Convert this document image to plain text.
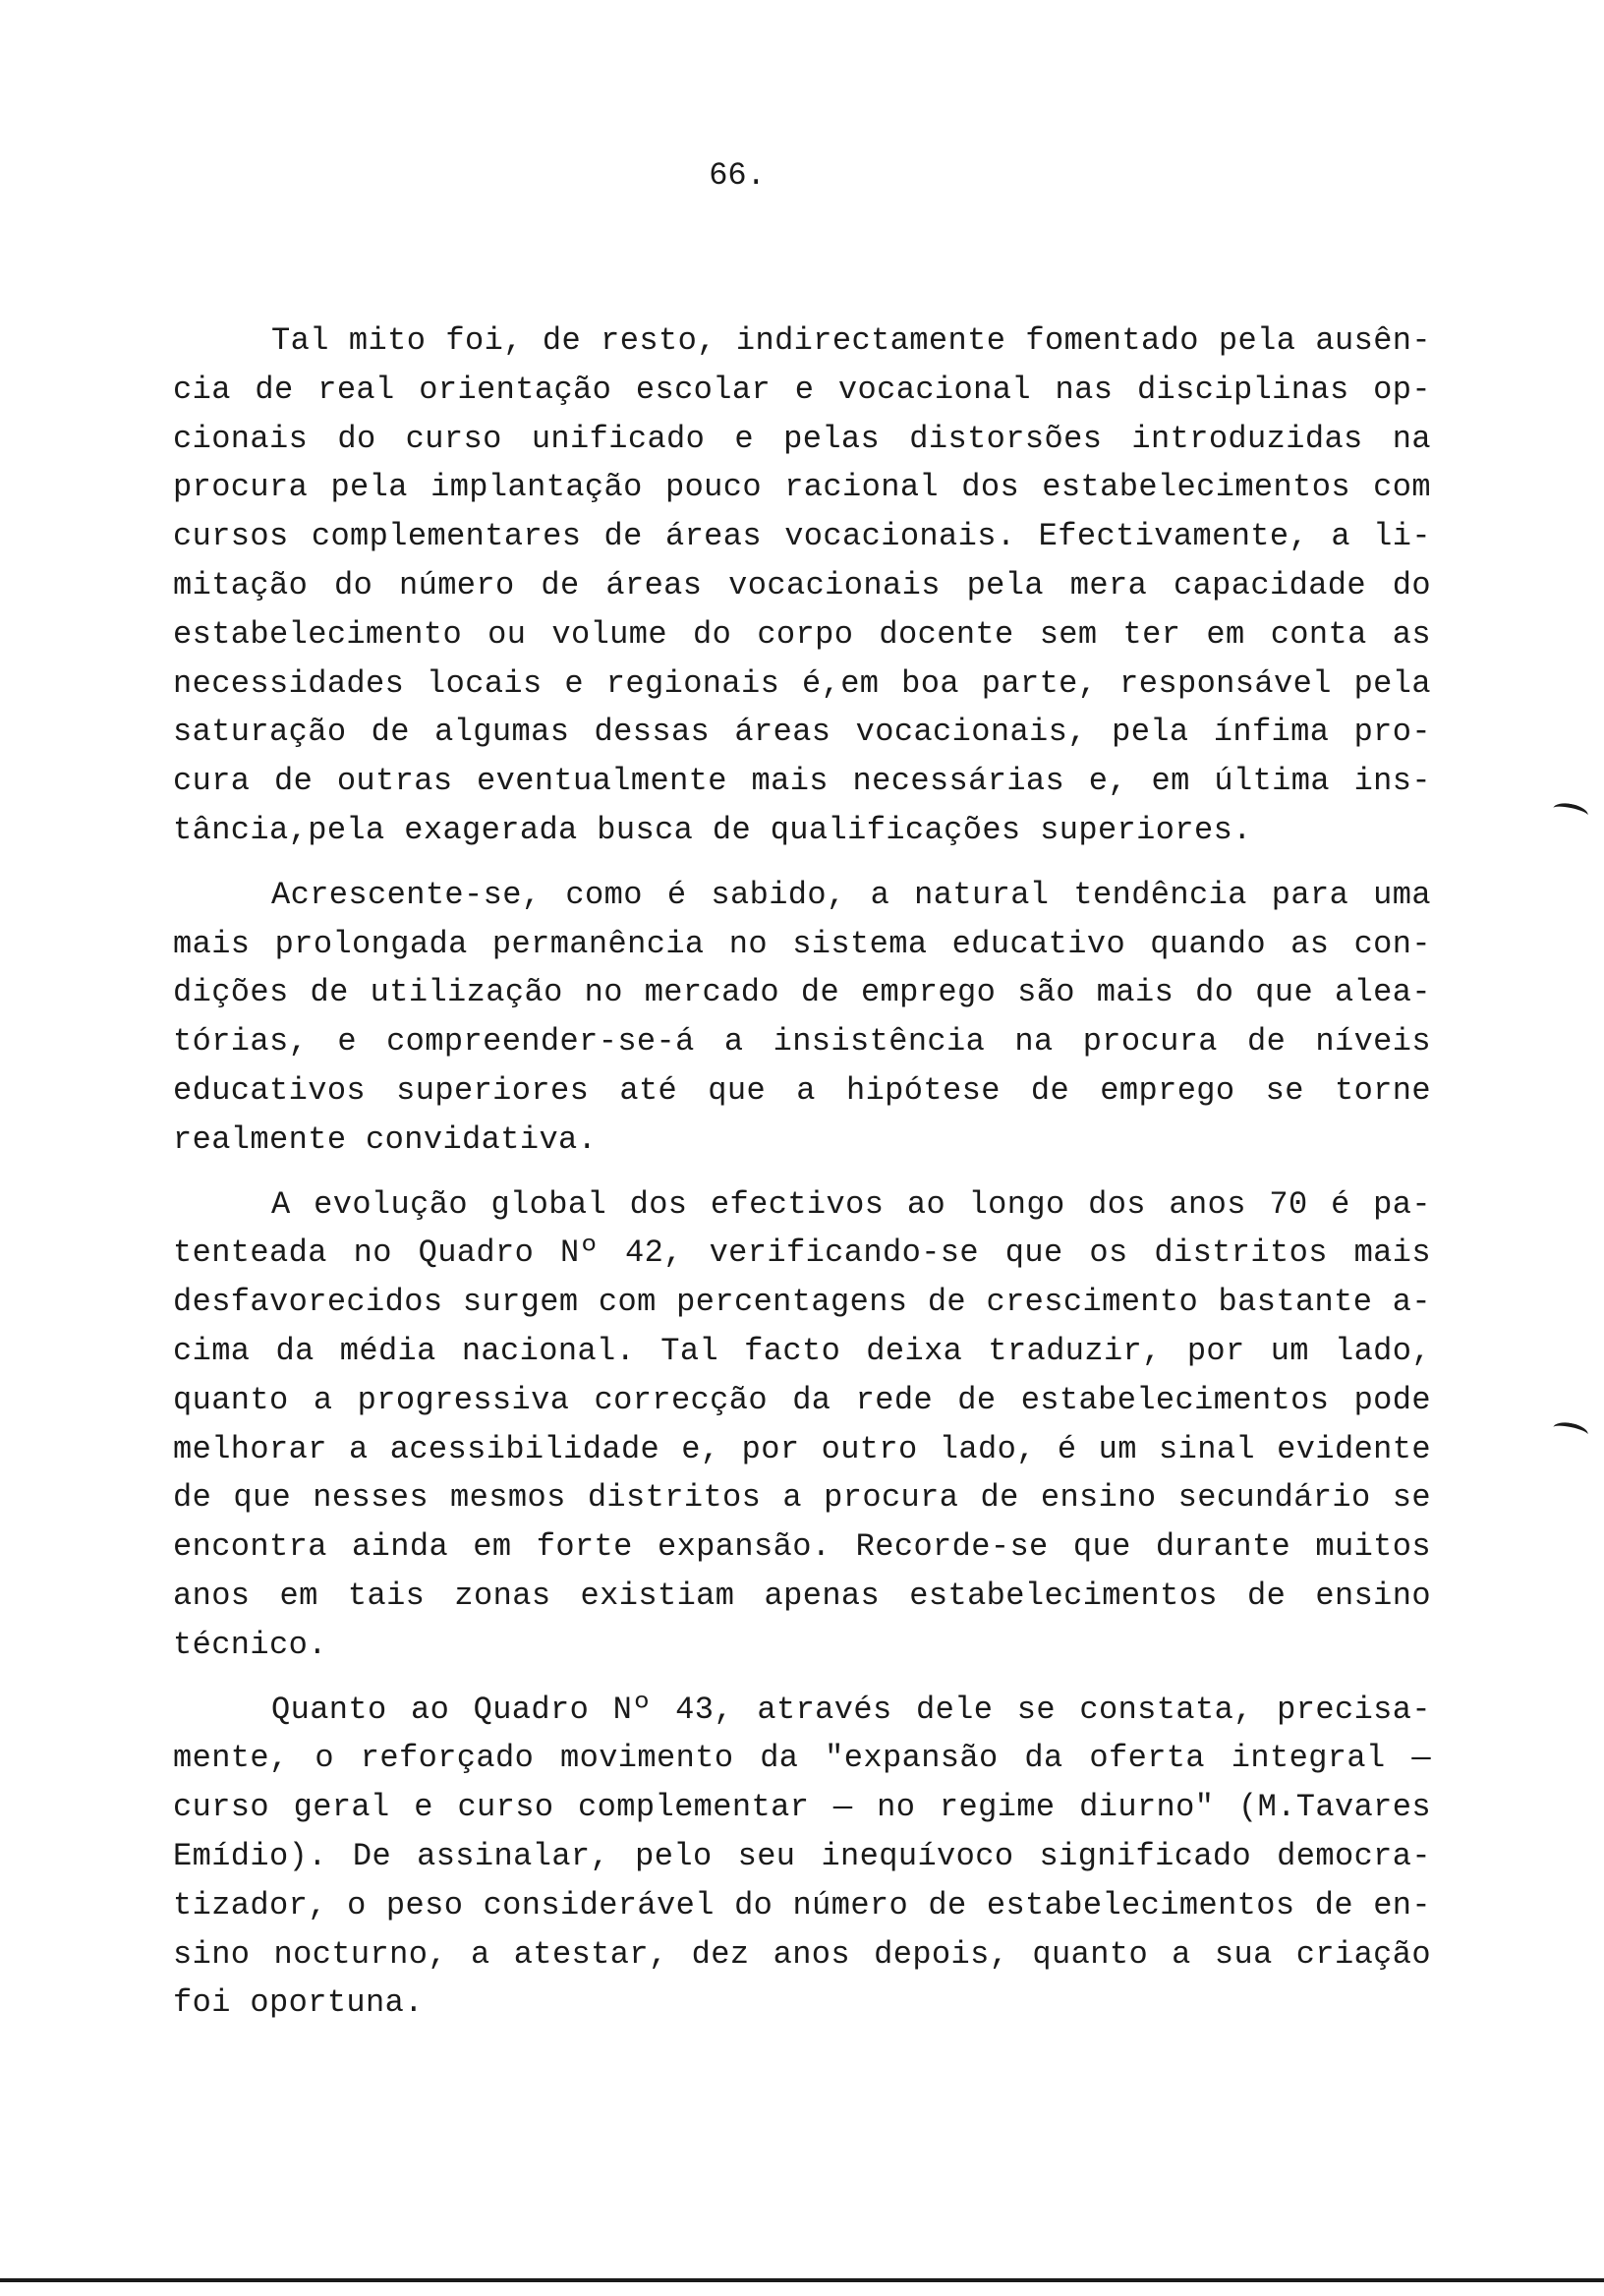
66.
Tal mito foi, de resto, indirectamente fomentado pela ausên-
cia de real orientação escolar e vocacional nas disciplinas op-
cionais do curso unificado e pelas distorsões introduzidas na
procura pela implantação pouco racional dos estabelecimentos com
cursos complementares de áreas vocacionais. Efectivamente, a li-
mitação do número de áreas vocacionais pela mera capacidade do
estabelecimento ou volume do corpo docente sem ter em conta as
necessidades locais e regionais é,em boa parte, responsável pela
saturação de algumas dessas áreas vocacionais, pela ínfima pro-
cura de outras eventualmente mais necessárias e, em última ins-
tância,pela exagerada busca de qualificações superiores.
Acrescente-se, como é sabido, a natural tendência para uma
mais prolongada permanência no sistema educativo quando as con-
dições de utilização no mercado de emprego são mais do que alea-
tórias, e compreender-se-á a insistência na procura de níveis
educativos superiores até que a hipótese de emprego se torne
realmente convidativa.
A evolução global dos efectivos ao longo dos anos 70 é pa-
tenteada no Quadro Nº 42, verificando-se que os distritos mais
desfavorecidos surgem com percentagens de crescimento bastante a-
cima da média nacional. Tal facto deixa traduzir, por um lado,
quanto a progressiva correcção da rede de estabelecimentos pode
melhorar a acessibilidade e, por outro lado, é um sinal evidente
de que nesses mesmos distritos a procura de ensino secundário se
encontra ainda em forte expansão. Recorde-se que durante muitos
anos em tais zonas existiam apenas estabelecimentos de ensino
técnico.
Quanto ao Quadro Nº 43, através dele se constata, precisa-
mente, o reforçado movimento da "expansão da oferta integral —
curso geral e curso complementar — no regime diurno" (M.Tavares
Emídio). De assinalar, pelo seu inequívoco significado democra-
tizador, o peso considerável do número de estabelecimentos de en-
sino nocturno, a atestar, dez anos depois, quanto a sua criação
foi oportuna.
